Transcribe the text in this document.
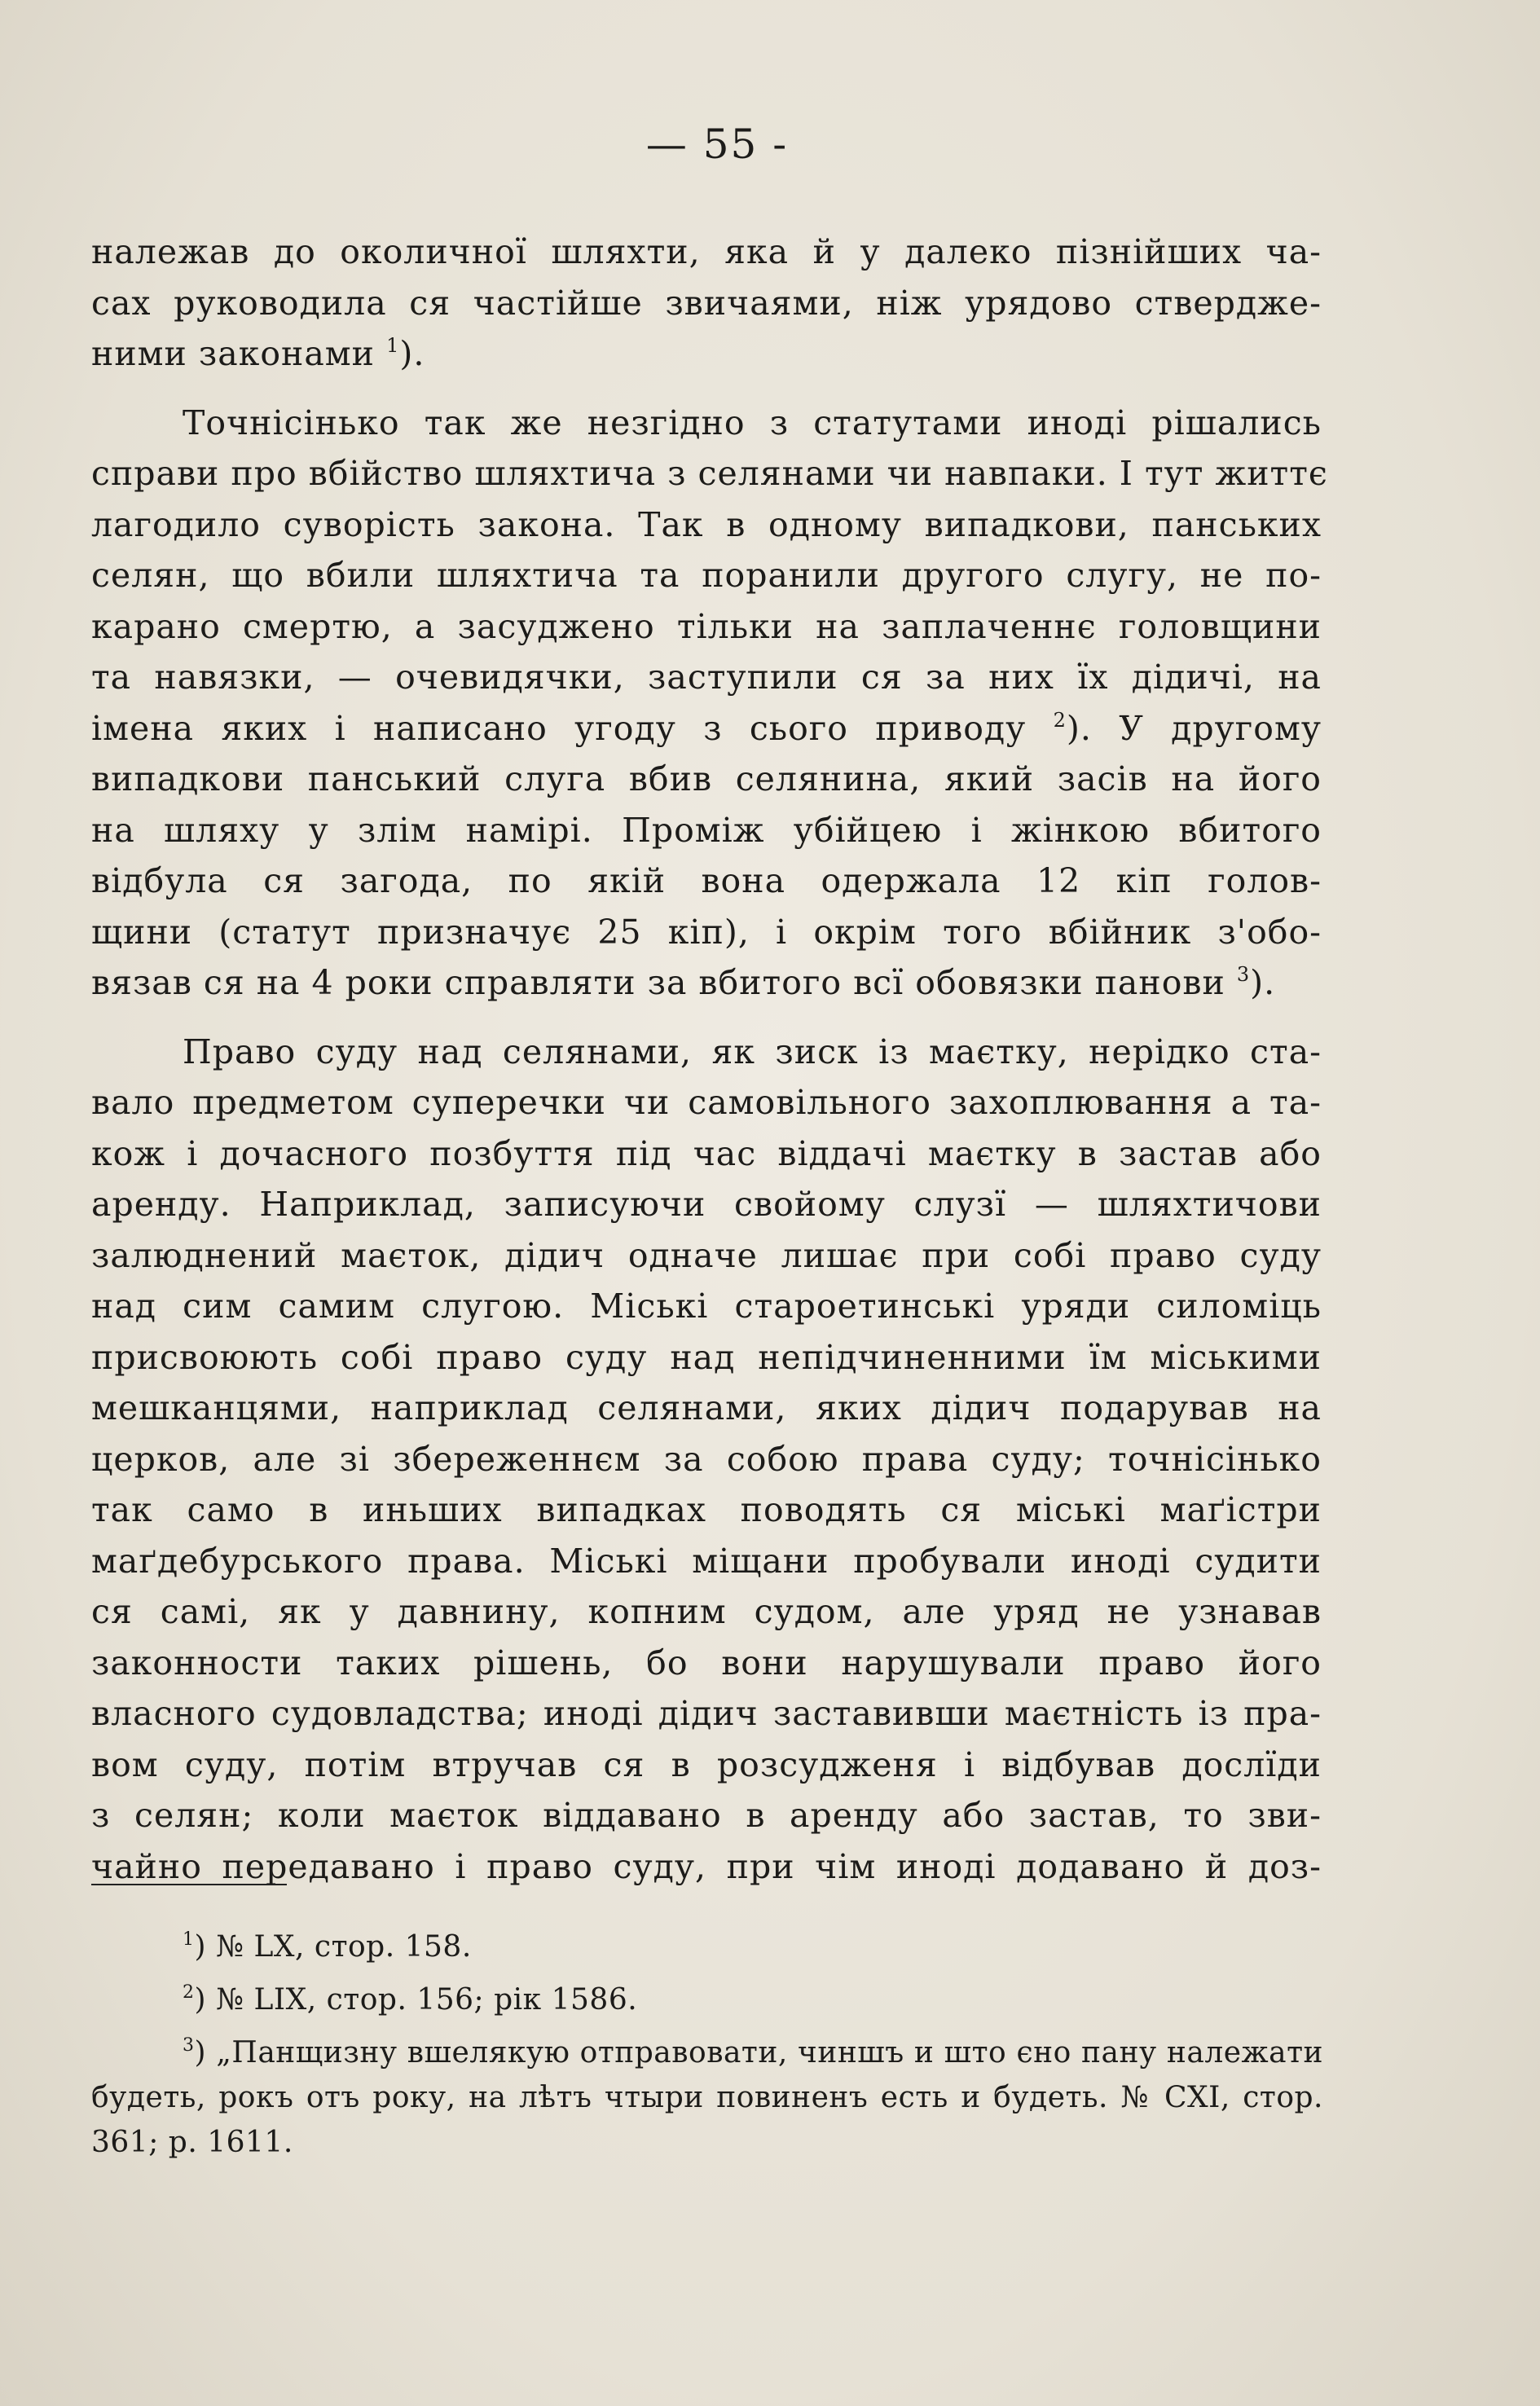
— 55 -
належав до околичної шляхти, яка й у далеко пізнійших ча-
сах руководила ся частійше звичаями, ніж урядово стверджe-
ними законами $^1$).
Точнісінько так же незгідно з статутами иноді рішались
справи про вбійство шляхтича з селянами чи навпаки. І тут життє
лагодило суворість закона. Так в одному випадкови, панських
селян, що вбили шляхтича та поранили другого слугу, не по-
карано смертю, а засуджено тільки на заплаченнє головщини
та навязки, — очевидячки, заступили ся за них їх дідичі, на
імена яких і написано угоду з сього приводу $^2$). У другому
випадкови панський слуга вбив селянина, який засів на його
на шляху у злім намірі. Проміж убійцею і жінкою вбитого
відбула ся загода, по якій вона одержала 12 кіп голов-
щини (статут призначує 25 кіп), і окрім того вбійник з'обо-
вязав ся на 4 роки справляти за вбитого всї обовязки панови $^3$).
Право суду над селянами, як зиск із маєтку, нерідко ста-
вало предметом суперечки чи самовільного захоплювання а та-
кож і дочасного позбуття під час віддачі маєтку в застав або
аренду. Наприклад, записуючи свойому слузї — шляхтичови
залюднений маєток, дідич одначе лишає при собі право суду
над сим самим слугою. Міські староетинські уряди силоміць
присвоюють собі право суду над непідчиненними їм міськими
мешканцями, наприклад селянами, яких дідич подарував на
церков, але зі збереженнєм за собою права суду; точнісінько
так само в иньших випадках поводять ся міські маґістри
маґдебурського права. Міські міщани пробували иноді судити
ся самі, як у давнину, копним судом, але уряд не узнавав
законности таких рішень, бо вони нарушували право його
власного судовладства; иноді дідич заставивши маєтність із пра-
вом суду, потім втручав ся в розсудженя і відбував дослїди
з селян; коли маєток віддавано в аренду або застав, то зви-
чайно передавано і право суду, при чім иноді додавано й доз-
$^1$) № LX, стор. 158.
$^2$) № LIX, стор. 156; рік 1586.
$^3$) „Панщизну вшелякую отправовати, чиншъ и што єно пану належати
будеть, рокъ отъ року, на лѣтъ чтыри повиненъ есть и будеть. № СХІ, стор.
361; р. 1611.
